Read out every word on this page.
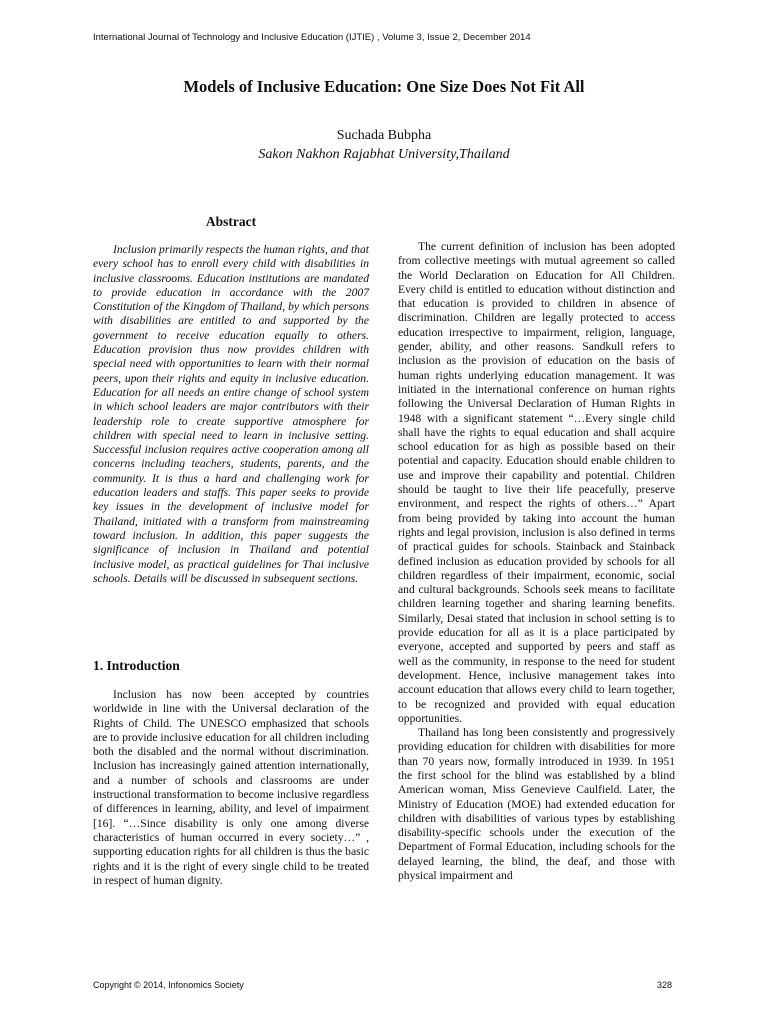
International Journal of Technology and Inclusive Education (IJTIE) , Volume 3, Issue 2, December 2014
Models of Inclusive Education: One Size Does Not Fit All
Suchada Bubpha
Sakon Nakhon Rajabhat University,Thailand
Abstract

Inclusion primarily respects the human rights, and that every school has to enroll every child with disabilities in inclusive classrooms. Education institutions are mandated to provide education in accordance with the 2007 Constitution of the Kingdom of Thailand, by which persons with disabilities are entitled to and supported by the government to receive education equally to others. Education provision thus now provides children with special need with opportunities to learn with their normal peers, upon their rights and equity in inclusive education. Education for all needs an entire change of school system in which school leaders are major contributors with their leadership role to create supportive atmosphere for children with special need to learn in inclusive setting. Successful inclusion requires active cooperation among all concerns including teachers, students, parents, and the community. It is thus a hard and challenging work for education leaders and staffs. This paper seeks to provide key issues in the development of inclusive model for Thailand, initiated with a transform from mainstreaming toward inclusion. In addition, this paper suggests the significance of inclusion in Thailand and potential inclusive model, as practical guidelines for Thai inclusive schools. Details will be discussed in subsequent sections.

1. Introduction

Inclusion has now been accepted by countries worldwide in line with the Universal declaration of the Rights of Child. The UNESCO emphasized that schools are to provide inclusive education for all children including both the disabled and the normal without discrimination. Inclusion has increasingly gained attention internationally, and a number of schools and classrooms are under instructional transformation to become inclusive regardless of differences in learning, ability, and level of impairment [16]. “…Since disability is only one among diverse characteristics of human occurred in every society…” , supporting education rights for all children is thus the basic rights and it is the right of every single child to be treated in respect of human dignity.

The current definition of inclusion has been adopted from collective meetings with mutual agreement so called the World Declaration on Education for All Children. Every child is entitled to education without distinction and that education is provided to children in absence of discrimination. Children are legally protected to access education irrespective to impairment, religion, language, gender, ability, and other reasons. Sandkull refers to inclusion as the provision of education on the basis of human rights underlying education management. It was initiated in the international conference on human rights following the Universal Declaration of Human Rights in 1948 with a significant statement “…Every single child shall have the rights to equal education and shall acquire school education for as high as possible based on their potential and capacity. Education should enable children to use and improve their capability and potential. Children should be taught to live their life peacefully, preserve environment, and respect the rights of others…” Apart from being provided by taking into account the human rights and legal provision, inclusion is also defined in terms of practical guides for schools. Stainback and Stainback defined inclusion as education provided by schools for all children regardless of their impairment, economic, social and cultural backgrounds. Schools seek means to facilitate children learning together and sharing learning benefits. Similarly, Desai stated that inclusion in school setting is to provide education for all as it is a place participated by everyone, accepted and supported by peers and staff as well as the community, in response to the need for student development. Hence, inclusive management takes into account education that allows every child to learn together, to be recognized and provided with equal education opportunities.

Thailand has long been consistently and progressively providing education for children with disabilities for more than 70 years now, formally introduced in 1939. In 1951 the first school for the blind was established by a blind American woman, Miss Genevieve Caulfield. Later, the Ministry of Education (MOE) had extended education for children with disabilities of various types by establishing disability-specific schools under the execution of the Department of Formal Education, including schools for the delayed learning, the blind, the deaf, and those with physical impairment and

Copyright © 2014, Infonomics Society	328
